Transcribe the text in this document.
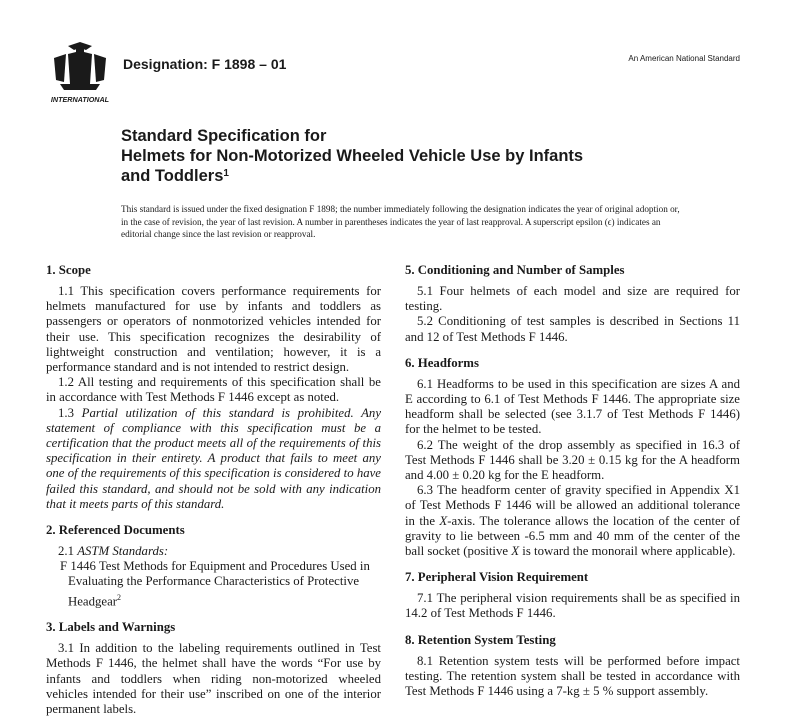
INTERNATIONAL
Designation: F 1898 – 01	An American National Standard
Standard Specification for
Helmets for Non-Motorized Wheeled Vehicle Use by Infants
and Toddlers$^1$
This standard is issued under the fixed designation F 1898; the number immediately following the designation indicates the year of original adoption or, in the case of revision, the year of last revision. A number in parentheses indicates the year of last reapproval. A superscript epsilon (ϵ) indicates an editorial change since the last revision or reapproval.
1. Scope

1.1 This specification covers performance requirements for helmets manufactured for use by infants and toddlers as passengers or operators of nonmotorized vehicles intended for their use. This specification recognizes the desirability of lightweight construction and ventilation; however, it is a performance standard and is not intended to restrict design.

1.2 All testing and requirements of this specification shall be in accordance with Test Methods F 1446 except as noted.

1.3 Partial utilization of this standard is prohibited. Any statement of compliance with this specification must be a certification that the product meets all of the requirements of this specification in their entirety. A product that fails to meet any one of the requirements of this specification is considered to have failed this standard, and should not be sold with any indication that it meets parts of this standard.

2. Referenced Documents

2.1 ASTM Standards:

F 1446 Test Methods for Equipment and Procedures Used in Evaluating the Performance Characteristics of Protective Headgear$^2$

3. Labels and Warnings

3.1 In addition to the labeling requirements outlined in Test Methods F 1446, the helmet shall have the words “For use by infants and toddlers when riding non-motorized wheeled vehicles intended for their use” inscribed on one of the interior permanent labels.

5. Conditioning and Number of Samples

5.1 Four helmets of each model and size are required for testing.

5.2 Conditioning of test samples is described in Sections 11 and 12 of Test Methods F 1446.

6. Headforms

6.1 Headforms to be used in this specification are sizes A and E according to 6.1 of Test Methods F 1446. The appropriate size headform shall be selected (see 3.1.7 of Test Methods F 1446) for the helmet to be tested.

6.2 The weight of the drop assembly as specified in 16.3 of Test Methods F 1446 shall be 3.20 ± 0.15 kg for the A headform and 4.00 ± 0.20 kg for the E headform.

6.3 The headform center of gravity specified in Appendix X1 of Test Methods F 1446 will be allowed an additional tolerance in the X-axis. The tolerance allows the location of the center of gravity to lie between -6.5 mm and 40 mm of the center of the ball socket (positive X is toward the monorail where applicable).

7. Peripheral Vision Requirement

7.1 The peripheral vision requirements shall be as specified in 14.2 of Test Methods F 1446.

8. Retention System Testing

8.1 Retention system tests will be performed before impact testing. The retention system shall be tested in accordance with Test Methods F 1446 using a 7-kg ± 5 % support assembly.
